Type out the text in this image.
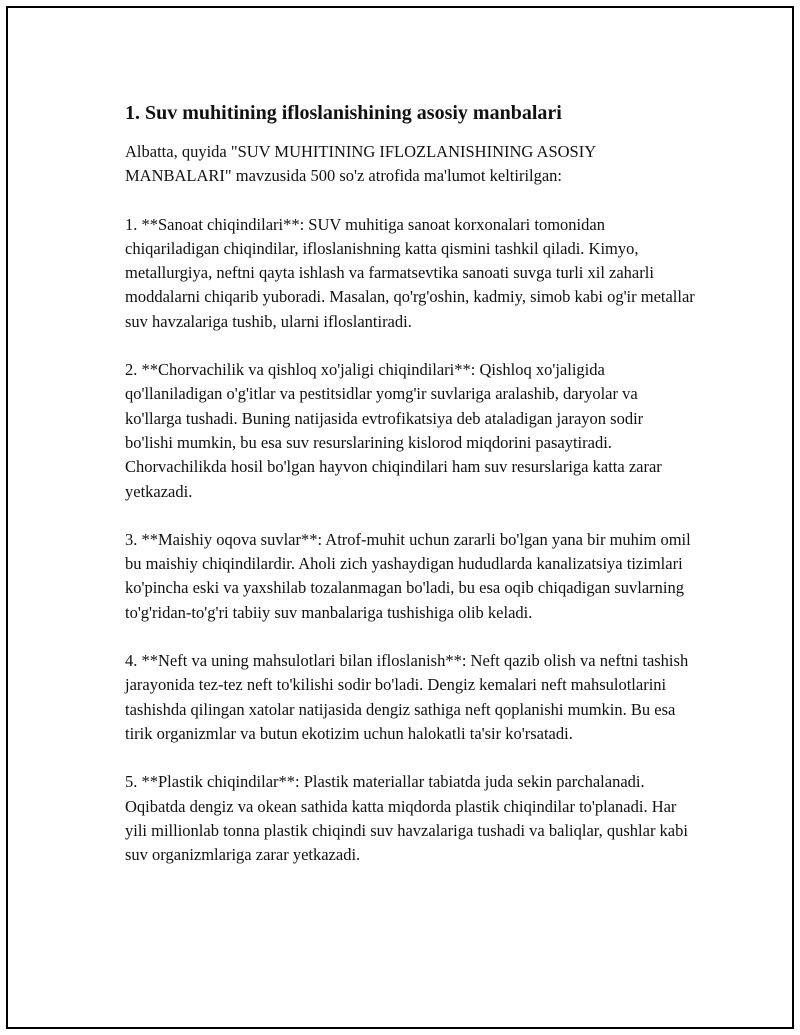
1. Suv muhitining ifloslanishining asosiy manbalari

Albatta, quyida "SUV MUHITINING IFLOZLANISHINING ASOSIY MANBALARI" mavzusida 500 so'z atrofida ma'lumot keltirilgan:

1. **Sanoat chiqindilari**: SUV muhitiga sanoat korxonalari tomonidan chiqariladigan chiqindilar, ifloslanishning katta qismini tashkil qiladi. Kimyo, metallurgiya, neftni qayta ishlash va farmatsevtika sanoati suvga turli xil zaharli moddalarni chiqarib yuboradi. Masalan, qo'rg'oshin, kadmiy, simob kabi og'ir metallar suv havzalariga tushib, ularni ifloslantiradi.

2. **Chorvachilik va qishloq xo'jaligi chiqindilari**: Qishloq xo'jaligida qo'llaniladigan o'g'itlar va pestitsidlar yomg'ir suvlariga aralashib, daryolar va ko'llarga tushadi. Buning natijasida evtrofikatsiya deb ataladigan jarayon sodir bo'lishi mumkin, bu esa suv resurslarining kislorod miqdorini pasaytiradi. Chorvachilikda hosil bo'lgan hayvon chiqindilari ham suv resurslariga katta zarar yetkazadi.

3. **Maishiy oqova suvlar**: Atrof-muhit uchun zararli bo'lgan yana bir muhim omil bu maishiy chiqindilardir. Aholi zich yashaydigan hududlarda kanalizatsiya tizimlari ko'pincha eski va yaxshilab tozalanmagan bo'ladi, bu esa oqib chiqadigan suvlarning to'g'ridan-to'g'ri tabiiy suv manbalariga tushishiga olib keladi.

4. **Neft va uning mahsulotlari bilan ifloslanish**: Neft qazib olish va neftni tashish jarayonida tez-tez neft to'kilishi sodir bo'ladi. Dengiz kemalari neft mahsulotlarini tashishda qilingan xatolar natijasida dengiz sathiga neft qoplanishi mumkin. Bu esa tirik organizmlar va butun ekotizim uchun halokatli ta'sir ko'rsatadi.

5. **Plastik chiqindilar**: Plastik materiallar tabiatda juda sekin parchalanadi. Oqibatda dengiz va okean sathida katta miqdorda plastik chiqindilar to'planadi. Har yili millionlab tonna plastik chiqindi suv havzalariga tushadi va baliqlar, qushlar kabi suv organizmlariga zarar yetkazadi.
